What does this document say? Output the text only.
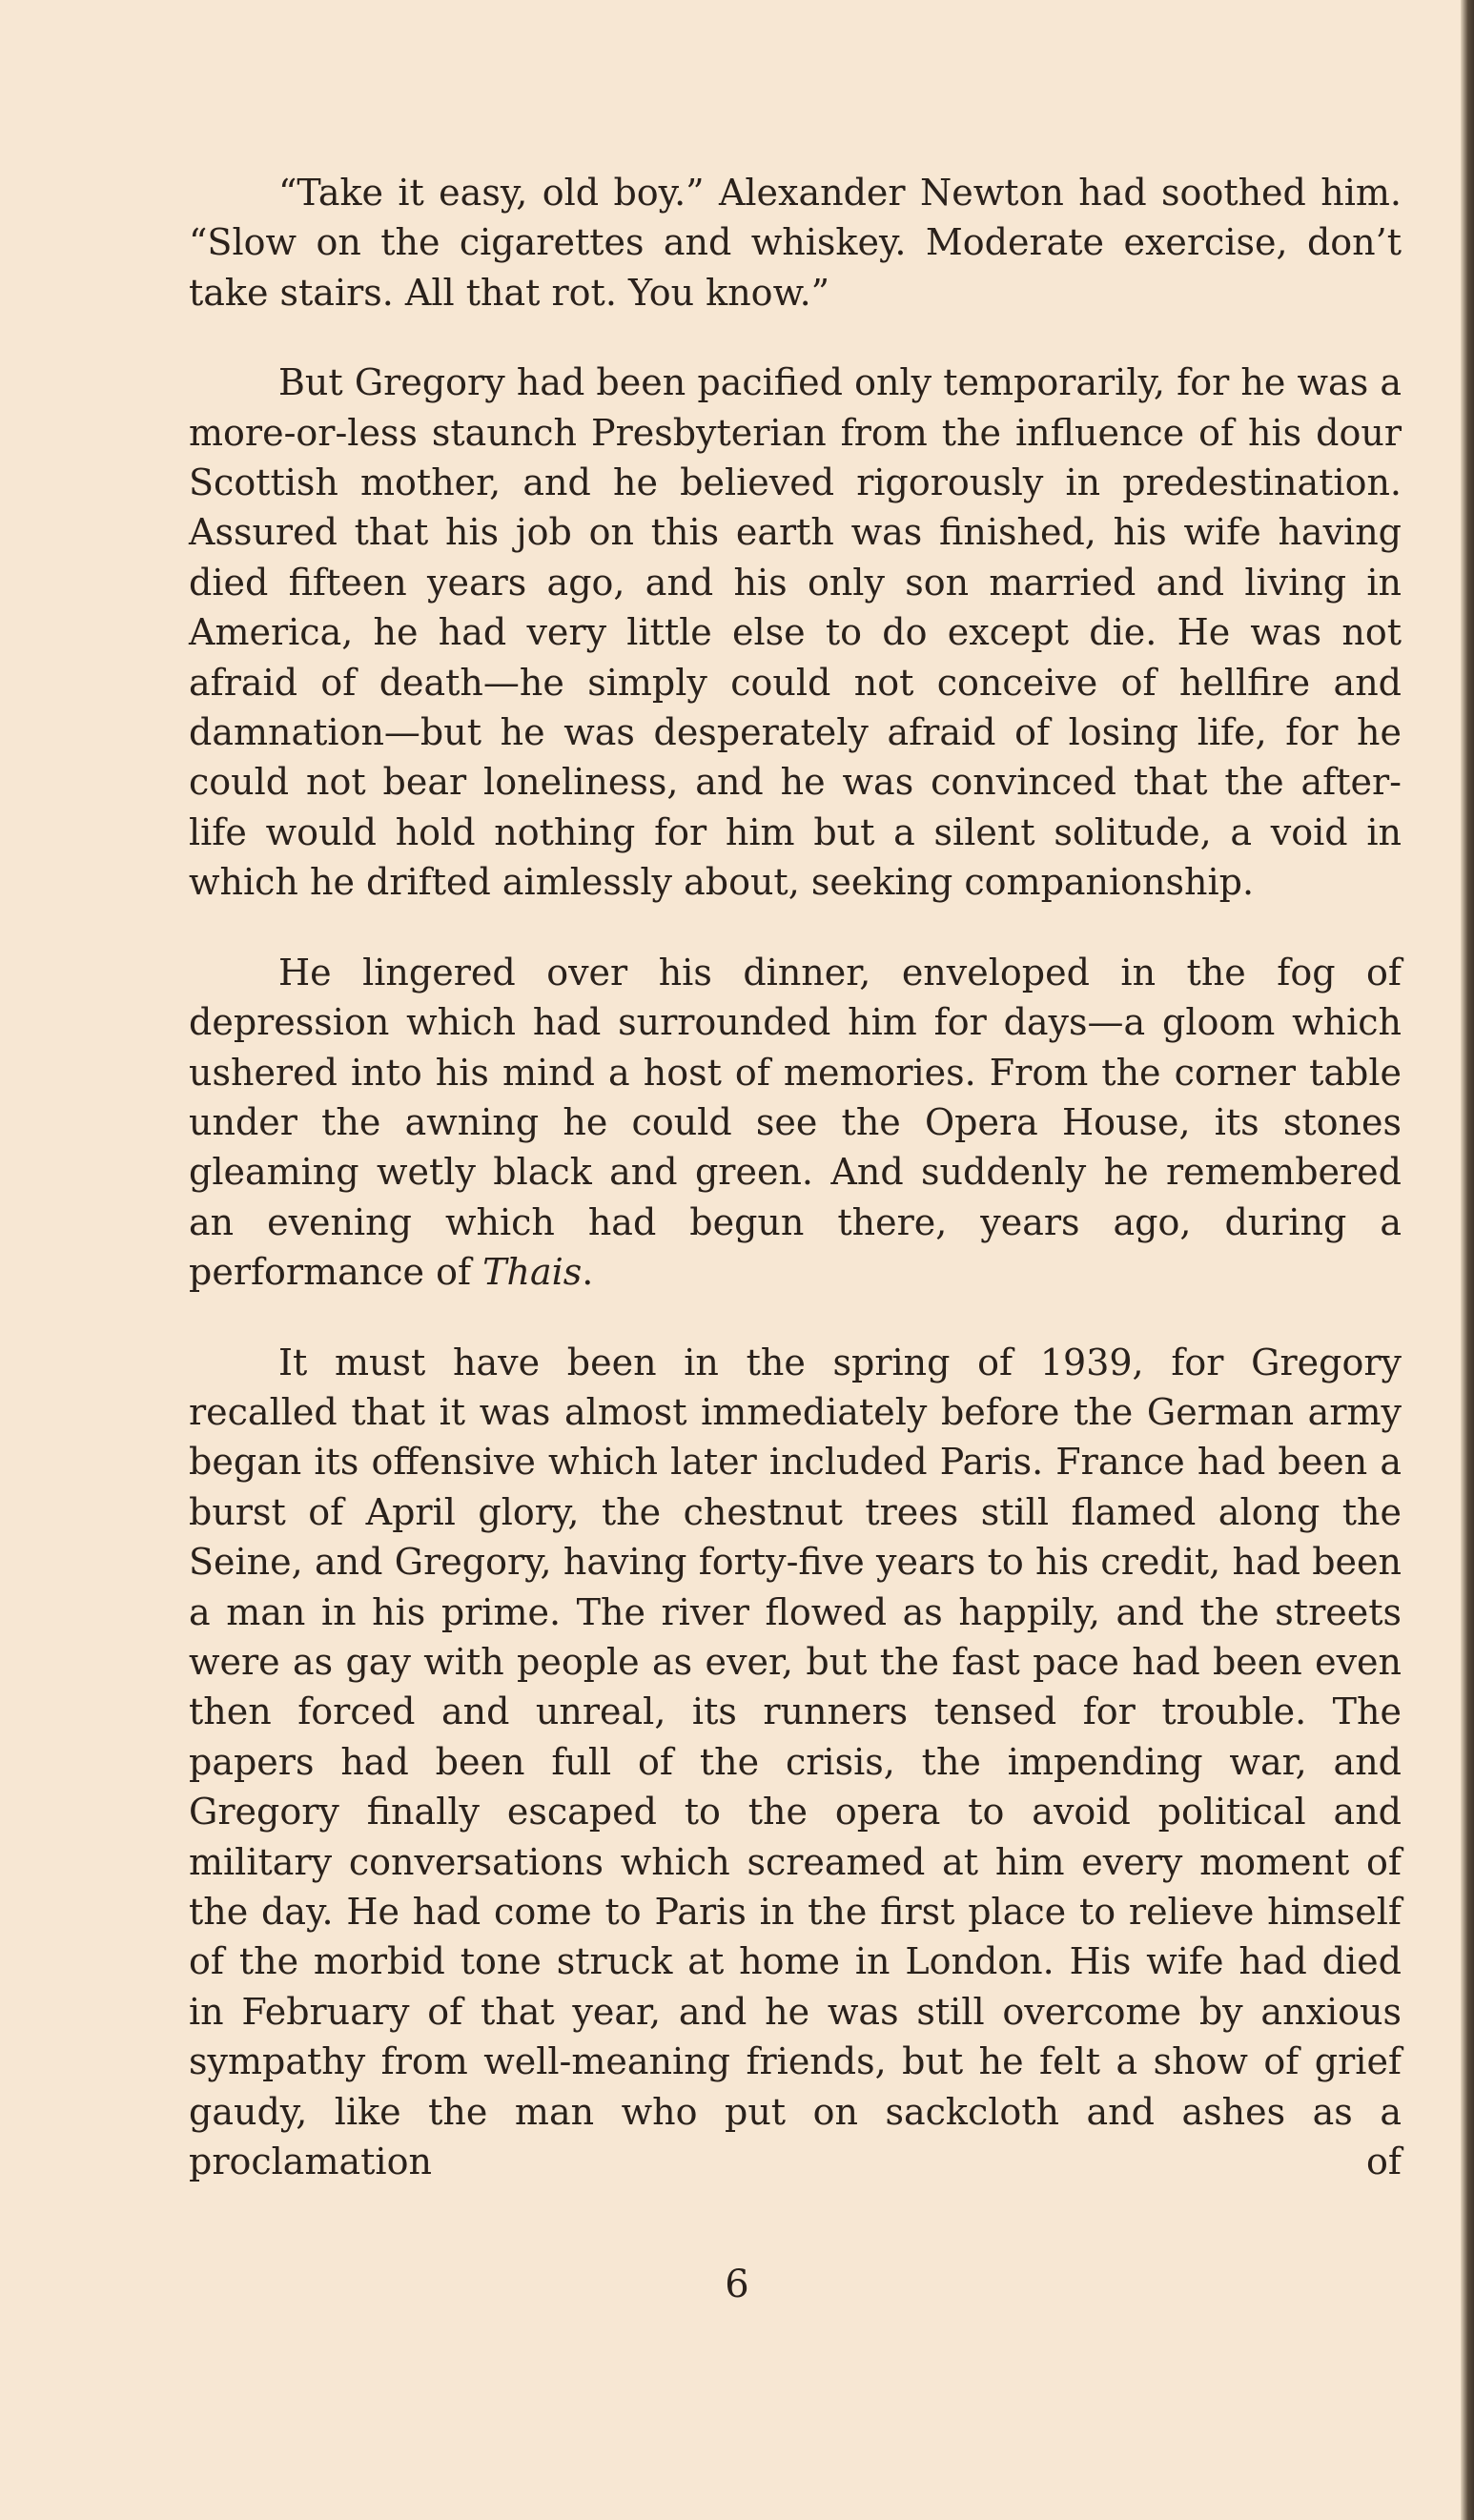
“Take it easy, old boy.” Alexander Newton had soothed him. “Slow on the cigarettes and whiskey. Moderate exercise, don’t take stairs. All that rot. You know.”

But Gregory had been pacified only temporarily, for he was a more-or-less staunch Presbyterian from the influence of his dour Scottish mother, and he believed rigorously in predestination. Assured that his job on this earth was finished, his wife having died fifteen years ago, and his only son married and living in America, he had very little else to do except die. He was not afraid of death—he simply could not conceive of hellfire and damnation—but he was desperately afraid of losing life, for he could not bear loneliness, and he was convinced that the after-life would hold nothing for him but a silent solitude, a void in which he drifted aimlessly about, seeking companionship.

He lingered over his dinner, enveloped in the fog of depression which had surrounded him for days—a gloom which ushered into his mind a host of memories. From the corner table under the awning he could see the Opera House, its stones gleaming wetly black and green. And suddenly he remembered an evening which had begun there, years ago, during a performance of Thais.

It must have been in the spring of 1939, for Gregory recalled that it was almost immediately before the German army began its offensive which later included Paris. France had been a burst of April glory, the chestnut trees still flamed along the Seine, and Gregory, having forty-five years to his credit, had been a man in his prime. The river flowed as happily, and the streets were as gay with people as ever, but the fast pace had been even then forced and unreal, its runners tensed for trouble. The papers had been full of the crisis, the impending war, and Gregory finally escaped to the opera to avoid political and military conversations which screamed at him every moment of the day. He had come to Paris in the first place to relieve himself of the morbid tone struck at home in London. His wife had died in February of that year, and he was still overcome by anxious sympathy from well-meaning friends, but he felt a show of grief gaudy, like the man who put on sackcloth and ashes as a proclamation of

6
